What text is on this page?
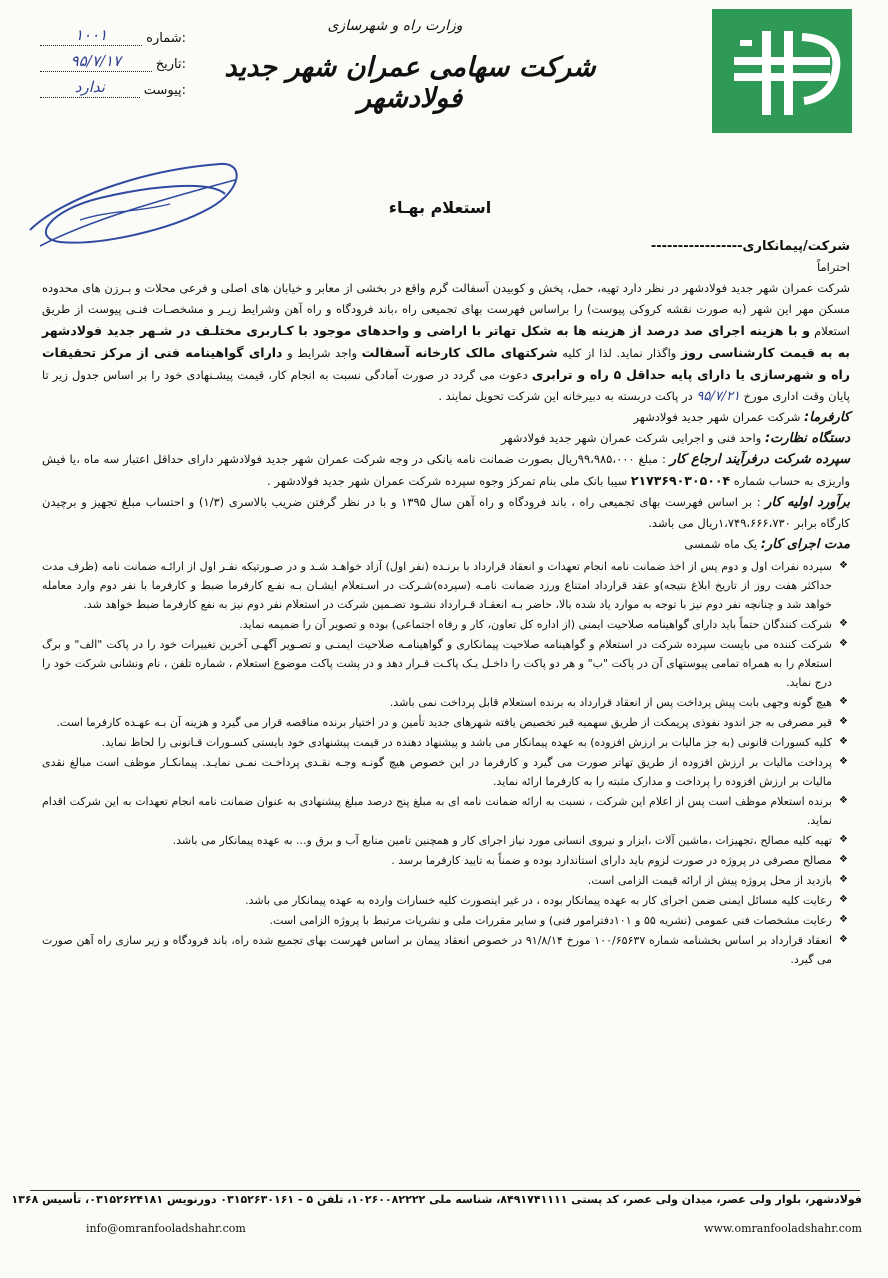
:شماره
۱۰۰۱
:تاریخ
۹۵/۷/۱۷
:پیوست
ندارد
وزارت راه و شهرسازی
شرکت سهامی عمران شهر جدید فولادشهر
استعلام بهـاء

شرکت/پیمانکاری-----------------

احتراماً

شرکت عمران شهر جدید فولادشهر در نظر دارد تهیه، حمل، پخش و کوبیدن آسفالت گرم واقع در بخشی از معابر و خیابان های اصلی و فرعی محلات و بـرزن های محدوده مسکن مهر این شهر (به صورت نقشه کروکی پیوست) را براساس فهرست بهای تجمیعی راه ،باند فرودگاه و راه آهن وشرایط زیـر و مشخصـات فنـی پیوست از طریق استعلام و با هزینه اجرای صد درصد از هزینه ها به شکل تهاتر با اراضی و واحدهای موجود با کـاربری مختلـف در شـهر جدید فولادشهر به به قیمت کارشناسی روز واگذار نماید. لذا از کلیه شرکتهای مالک کارخانه آسفالت واجد شرایط و دارای گواهینامه فنی از مرکز تحقیقات راه و شهرسازی یا دارای پایه حداقل ۵ راه و ترابری دعوت می گردد در صورت آمادگی نسبت به انجام کار، قیمت پیشـنهادی خود را بر اساس جدول زیر تا پایان وقت اداری مورخ ۹۵/۷/۲۱ در پاکت دربسته به دبیرخانه این شرکت تحویل نمایند .

کارفرما: شرکت عمران شهر جدید فولادشهر

دستگاه نظارت: واحد فنی و اجرایی شرکت عمران شهر جدید فولادشهر

سپرده شرکت درفرآیند ارجاع کار : مبلغ ۹۹،۹۸۵،۰۰۰ریال بصورت ضمانت نامه بانکی در وجه شرکت عمران شهر جدید فولادشهر دارای حداقل اعتبار سه ماه ،یا فیش واریزی به حساب شماره ۲۱۷۳۶۹۰۳۰۵۰۰۴ سیبا بانک ملی بنام تمرکز وجوه سپرده شرکت عمران شهر جدید فولادشهر .

برآورد اولیه کار : بر اساس فهرست بهای تجمیعی راه ، باند فرودگاه و راه آهن سال ۱۳۹۵ و با در نظر گرفتن ضریب بالاسری (۱/۳) و احتساب مبلغ تجهیز و برچیدن کارگاه برابر ۱،۷۴۹،۶۶۶،۷۳۰ریال می باشد.

مدت اجرای کار: یک ماه شمسی

❖
سپرده نفرات اول و دوم پس از اخذ ضمانت نامه انجام تعهدات و انعقاد قرارداد با برنـده (نفر اول) آزاد خواهـد شـد و در صـورتیکه نفـر اول از ارائـه ضمانت نامه (ظرف مدت حداکثر هفت روز از تاریخ ابلاغ نتیجه)و عقد قرارداد امتناع ورزد ضمانت نامـه (سپرده)شـرکت در اسـتعلام ایشـان بـه نفـع کارفرما ضبط و کارفرما با نفر دوم وارد معامله خواهد شد و چنانچه نفر دوم نیز با توجه به موارد یاد شده بالا، حاضر بـه انعقـاد قـرارداد نشـود تضـمین شرکت در استعلام نفر دوم نیز به نفع کارفرما ضبط خواهد شد.
❖
شرکت کنندگان حتماً باید دارای گواهینامه صلاحیت ایمنی (از اداره کل تعاون، کار و رفاه اجتماعی) بوده و تصویر آن را ضمیمه نماید.
❖
شرکت کننده می بایست سپرده شرکت در استعلام و گواهینامه صلاحیت پیمانکاری و گواهینامـه صلاحیت ایمنـی و تصـویر آگهـی آخرین تغییرات خود را در پاکت "الف" و برگ استعلام را به همراه تمامی پیوستهای آن در پاکت "ب" و هر دو پاکت را داخـل یـک پاکـت قـرار دهد و در پشت پاکت موضوع استعلام ، شماره تلفن ، نام ونشانی شرکت خود را درج نماید.
❖
هیچ گونه وجهی بابت پیش پرداخت پس از انعقاد قرارداد به برنده استعلام قابل پرداخت نمی باشد.
❖
قیر مصرفی به جز اندود نفوذی پریمکت از طریق سهمیه قیر تخصیص یافته شهرهای جدید تأمین و در اختیار برنده مناقصه قرار می گیرد و هزینه آن بـه عهـده کارفرما است.
❖
کلیه کسورات قانونی (به جز مالیات بر ارزش افزوده) به عهده پیمانکار می باشد و پیشنهاد دهنده در قیمت پیشنهادی خود بایستی کسـورات قـانونی را لحاظ نماید.
❖
پرداخت مالیات بر ارزش افزوده از طریق تهاتر صورت می گیرد و کارفرما در این خصوص هیچ گونـه وجـه نقـدی پرداخـت نمـی نمایـد. پیمانکـار موظف است مبالغ نقدی مالیات بر ارزش افزوده را پرداخت و مدارک مثبته را به کارفرما ارائه نماید.
❖
برنده استعلام موظف است پس از اعلام این شرکت ، نسبت به ارائه ضمانت نامه ای به مبلغ پنج درصد مبلغ پیشنهادی به عنوان ضمانت نامه انجام تعهدات به این شرکت اقدام نماید.
❖
تهیه کلیه مصالح ،تجهیزات ،ماشین آلات ،ابزار و نیروی انسانی مورد نیاز اجرای کار و همچنین تامین منابع آب و برق و... به عهده پیمانکار می باشد.
❖
مصالح مصرفی در پروژه در صورت لزوم باید دارای استاندارد بوده و ضمناً به تایید کارفرما برسد .
❖
بازدید از محل پروژه پیش از ارائه قیمت الزامی است.
❖
رعایت کلیه مسائل ایمنی ضمن اجرای کار به عهده پیمانکار بوده ، در غیر اینصورت کلیه خسارات وارده به عهده پیمانکار می باشد.
❖
رعایت مشخصات فنی عمومی (نشریه ۵۵ و ۱۰۱دفترامور فنی) و سایر مقررات ملی و نشریات مرتبط با پروژه الزامی است.
❖
انعقاد قرارداد بر اساس بخشنامه شماره ۱۰۰/۶۵۶۳۷ مورخ ۹۱/۸/۱۴ در خصوص انعقاد پیمان بر اساس فهرست بهای تجمیع شده راه، باند فرودگاه و زیر سازی راه آهن صورت می گیرد.
فولادشهر، بلوار ولی عصر، میدان ولی عصر، کد پستی ۸۴۹۱۷۴۱۱۱۱، شناسه ملی ۱۰۲۶۰۰۸۲۲۲۲، تلفن ۵ - ۰۳۱۵۲۶۳۰۱۶۱ دورنویس ۰۳۱۵۲۶۲۴۱۸۱، تأسیس ۱۳۶۸
www.omranfooladshahr.com
info@omranfooladshahr.com
